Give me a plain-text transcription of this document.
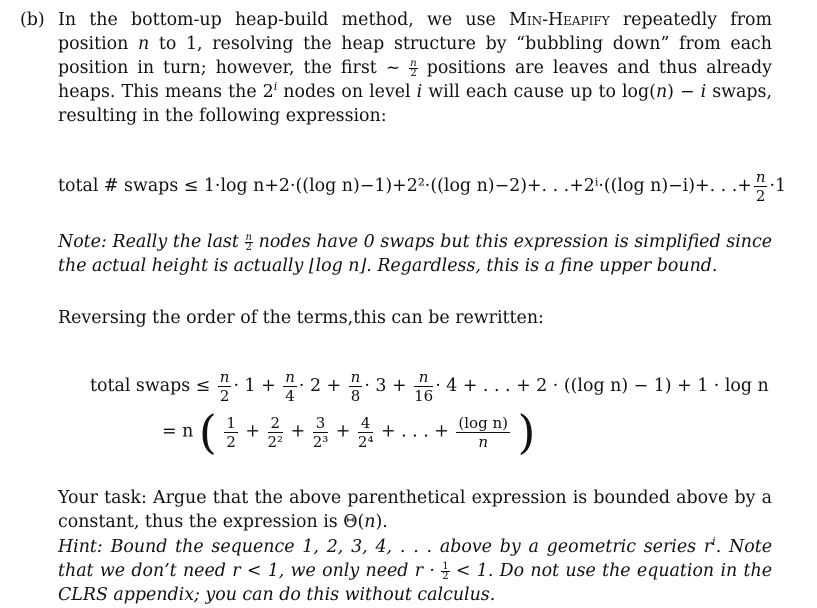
(b) In the bottom-up heap-build method, we use Min-Heapify repeatedly from position n to 1, resolving the heap structure by “bubbling down” from each position in turn; however, the first ~ $\frac{n}{2}$ positions are leaves and thus already heaps. This means the 2$^i$ nodes on level i will each cause up to log(n) − i swaps, resulting in the following expression:
total # swaps ≤ 1·log n+2·((log n)−1)+2²·((log n)−2)+. . .+2ⁱ·((log n)−i)+. . .+ $\frac{n}{2} \cdot 1$
Note: Really the last $\frac{n}{2}$ nodes have 0 swaps but this expression is simplified since the actual height is actually ⌊log n⌋. Regardless, this is a fine upper bound.
Reversing the order of the terms,this can be rewritten:
total swaps ≤ $\frac{n}{2} \cdot 1 + \frac{n}{4} \cdot 2 + \frac{n}{8} \cdot 3 + \frac{n}{16} \cdot 4$ + . . . + 2 · ((log n) − 1) + 1 · log n
= n ( $\frac{1}{2} + \frac{2}{\text{2²}} + \frac{3}{\text{2³}} + \frac{4}{\text{2⁴}}$ + . . . + $\frac{\text{(log n)}}{n}$ )
Your task: Argue that the above parenthetical expression is bounded above by a constant, thus the expression is Θ(n).
Hint: Bound the sequence 1, 2, 3, 4, . . . above by a geometric series $r^i$. Note that we don’t need r < 1, we only need $r \cdot \frac{1}{2} < 1$. Do not use the equation in the CLRS appendix; you can do this without calculus.
